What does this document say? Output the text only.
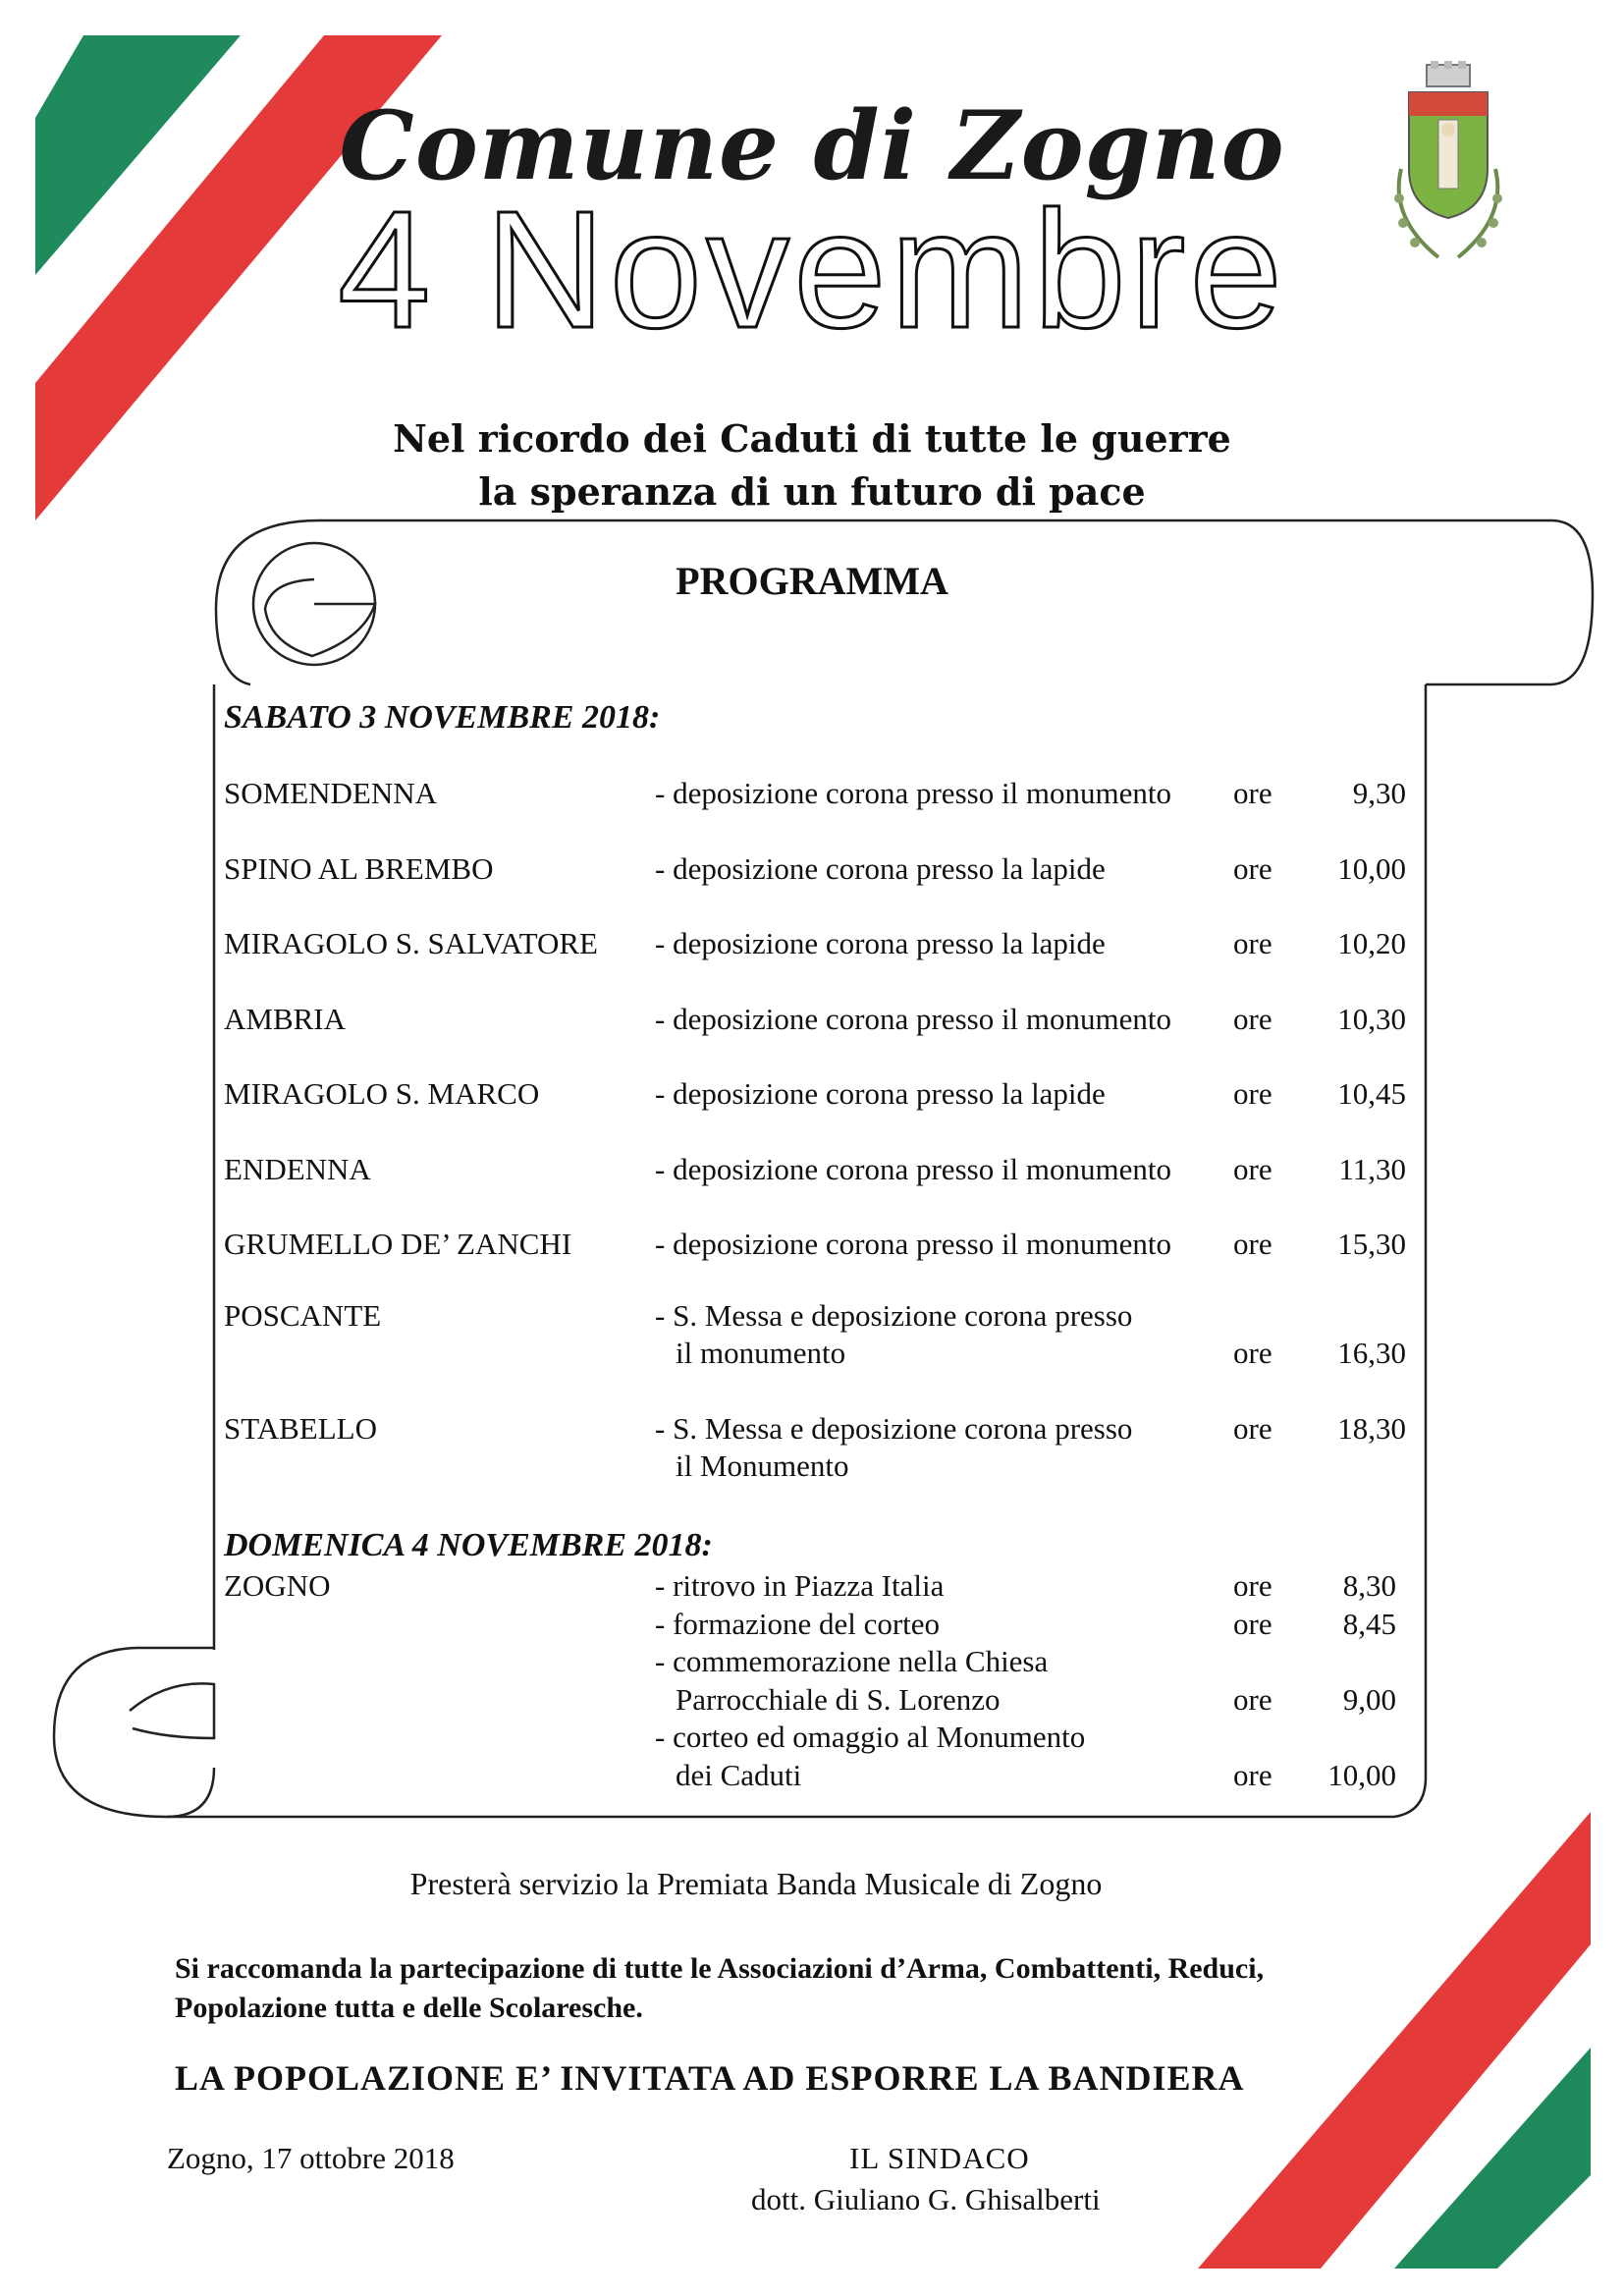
Comune di Zogno
4 Novembre
Nel ricordo dei Caduti di tutte le guerre
la speranza di un futuro di pace
PROGRAMMA
SABATO 3 NOVEMBRE 2018:
SOMENDENNA	- deposizione corona presso il monumento ore	9,30
SPINO AL BREMBO	- deposizione corona presso la lapide	ore	10,00
MIRAGOLO S. SALVATORE - deposizione corona presso la lapide	ore	10,20
AMBRIA	- deposizione corona presso il monumento ore	10,30
MIRAGOLO S. MARCO	- deposizione corona presso la lapide	ore	10,45
ENDENNA	- deposizione corona presso il monumento ore	11,30
GRUMELLO DE’ ZANCHI	- deposizione corona presso il monumento ore	15,30
POSCANTE	- S. Messa e deposizione corona presso
il monumento	ore	16,30
STABELLO	- S. Messa e deposizione corona presso	ore	18,30
il Monumento
DOMENICA 4 NOVEMBRE 2018:
ZOGNO	- ritrovo in Piazza Italia	ore	8,30
- formazione del corteo	ore	8,45
- commemorazione nella Chiesa
Parrocchiale di S. Lorenzo	ore	9,00
- corteo ed omaggio al Monumento
dei Caduti	ore	10,00
Presterà servizio la Premiata Banda Musicale di Zogno
Si raccomanda la partecipazione di tutte le Associazioni d’Arma, Combattenti, Reduci,
Popolazione tutta e delle Scolaresche.
LA POPOLAZIONE E’ INVITATA AD ESPORRE LA BANDIERA
Zogno, 17 ottobre 2018	IL SINDACO
dott. Giuliano G. Ghisalberti
